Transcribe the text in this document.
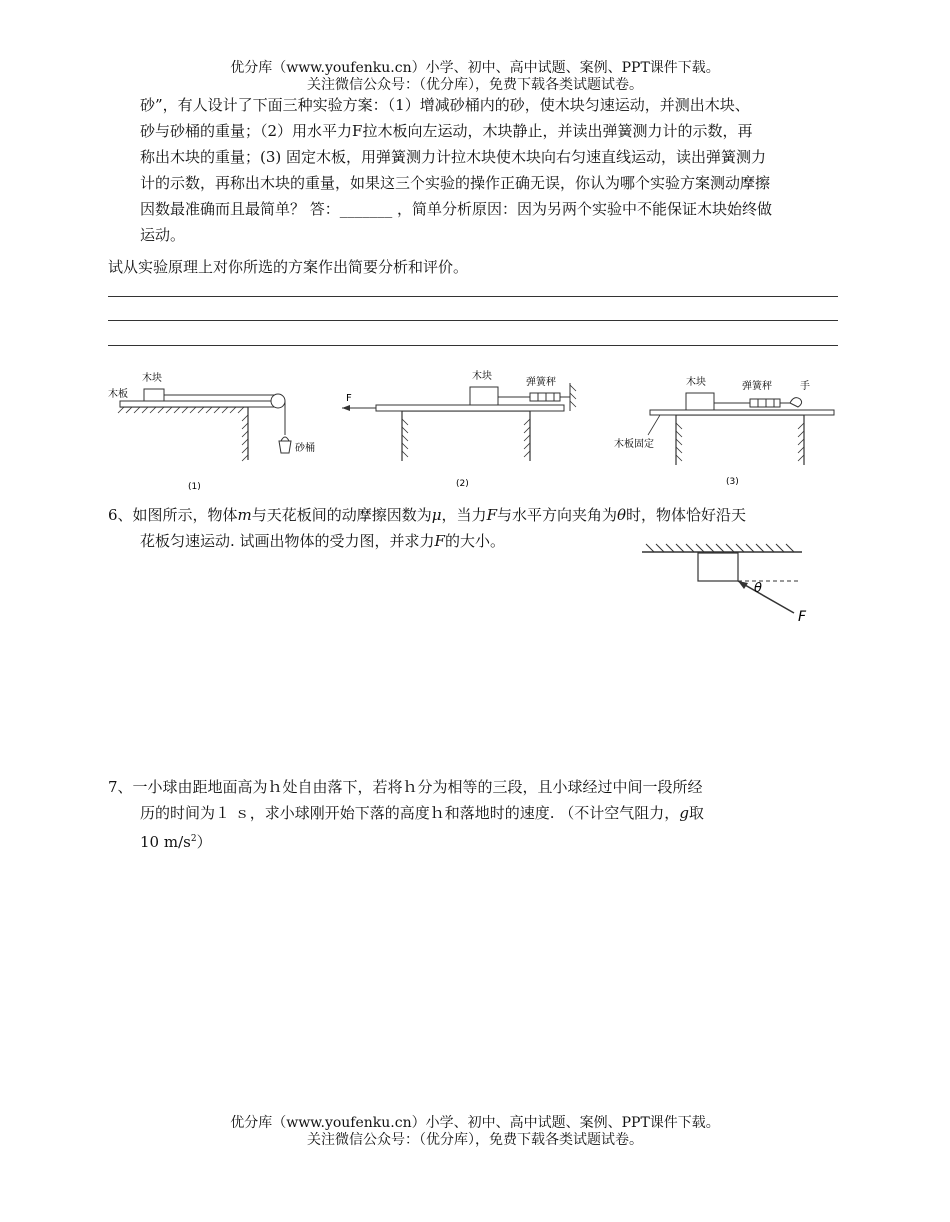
优分库（www.youfenku.cn）小学、初中、高中试题、案例、PPT课件下载。
关注微信公众号：（优分库），免费下载各类试题试卷。

砂”，有人设计了下面三种实验方案：（1）增减砂桶内的砂，使木块匀速运动，并测出木块、

砂与砂桶的重量；（2）用水平力F拉木板向左运动，木块静止，并读出弹簧测力计的示数，再

称出木块的重量；(3) 固定木板，用弹簧测力计拉木块使木块向右匀速直线运动，读出弹簧测力

计的示数，再称出木块的重量，如果这三个实验的操作正确无误，你认为哪个实验方案测动摩擦

因数最准确而且最简单？ 答：_______ ，简单分析原因：因为另两个实验中不能保证木块始终做

运动。

试从实验原理上对你所选的方案作出简要分析和评价。

木块
木板
砂桶
(1)
F
木块
弹簧秤
(2)
木块	弹簧秤	手
木板固定
(3)

6、如图所示，物体m与天花板间的动摩擦因数为μ，当力F与水平方向夹角为θ时，物体恰好沿天

花板匀速运动. 试画出物体的受力图，并求力F的大小。

θ
F

7、一小球由距地面高为ｈ处自由落下，若将ｈ分为相等的三段，且小球经过中间一段所经

历的时间为１ ｓ，求小球刚开始下落的高度ｈ和落地时的速度. （不计空气阻力，g取

10 $m/s^2$）

优分库（www.youfenku.cn）小学、初中、高中试题、案例、PPT课件下载。
关注微信公众号：（优分库），免费下载各类试题试卷。
